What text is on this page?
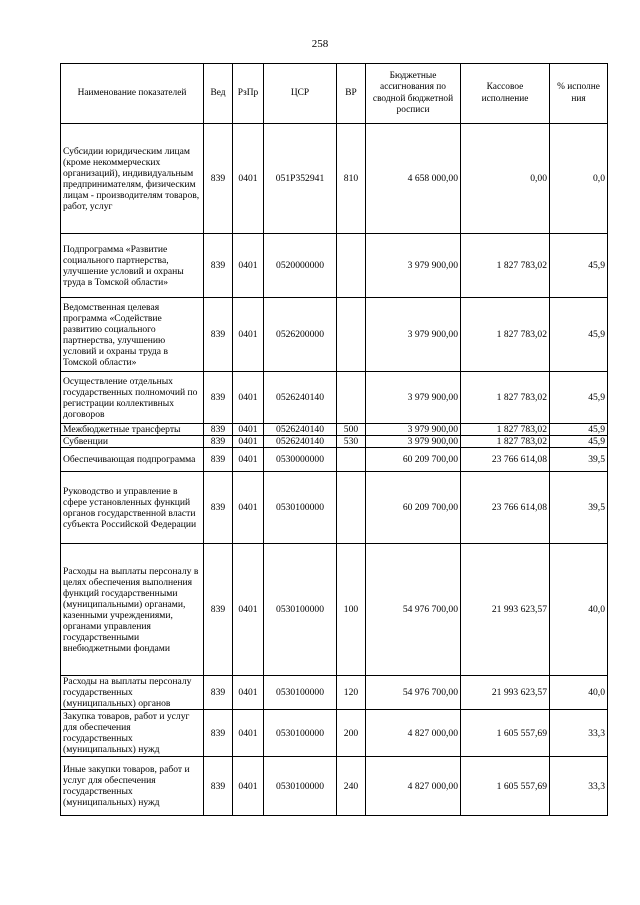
258
Наименование показателей	Вед	РзПр	ЦСР	ВР	Бюджетные ассигнования по сводной бюджетной росписи	Кассовое исполнение	% исполне ния
Субсидии юридическим лицам (кроме некоммерческих организаций), индивидуальным предпринимателям, физическим лицам - производителям товаров, работ, услуг	839	0401	051P352941	810	4 658 000,00	0,00	0,0
Подпрограмма «Развитие социального партнерства, улучшение условий и охраны труда в Томской области»	839	0401	0520000000		3 979 900,00	1 827 783,02	45,9
Ведомственная целевая программа «Содействие развитию социального партнерства, улучшению условий и охраны труда в Томской области»	839	0401	0526200000		3 979 900,00	1 827 783,02	45,9
Осуществление отдельных государственных полномочий по регистрации коллективных договоров	839	0401	0526240140		3 979 900,00	1 827 783,02	45,9
Межбюджетные трансферты	839	0401	0526240140	500	3 979 900,00	1 827 783,02	45,9
Субвенции	839	0401	0526240140	530	3 979 900,00	1 827 783,02	45,9
Обеспечивающая подпрограмма	839	0401	0530000000		60 209 700,00	23 766 614,08	39,5
Руководство и управление в сфере установленных функций органов государственной власти субъекта Российской Федерации	839	0401	0530100000		60 209 700,00	23 766 614,08	39,5
Расходы на выплаты персоналу в целях обеспечения выполнения функций государственными (муниципальными) органами, казенными учреждениями, органами управления государственными внебюджетными фондами	839	0401	0530100000	100	54 976 700,00	21 993 623,57	40,0
Расходы на выплаты персоналу государственных (муниципальных) органов	839	0401	0530100000	120	54 976 700,00	21 993 623,57	40,0
Закупка товаров, работ и услуг для обеспечения государственных (муниципальных) нужд	839	0401	0530100000	200	4 827 000,00	1 605 557,69	33,3
Иные закупки товаров, работ и услуг для обеспечения государственных (муниципальных) нужд	839	0401	0530100000	240	4 827 000,00	1 605 557,69	33,3
